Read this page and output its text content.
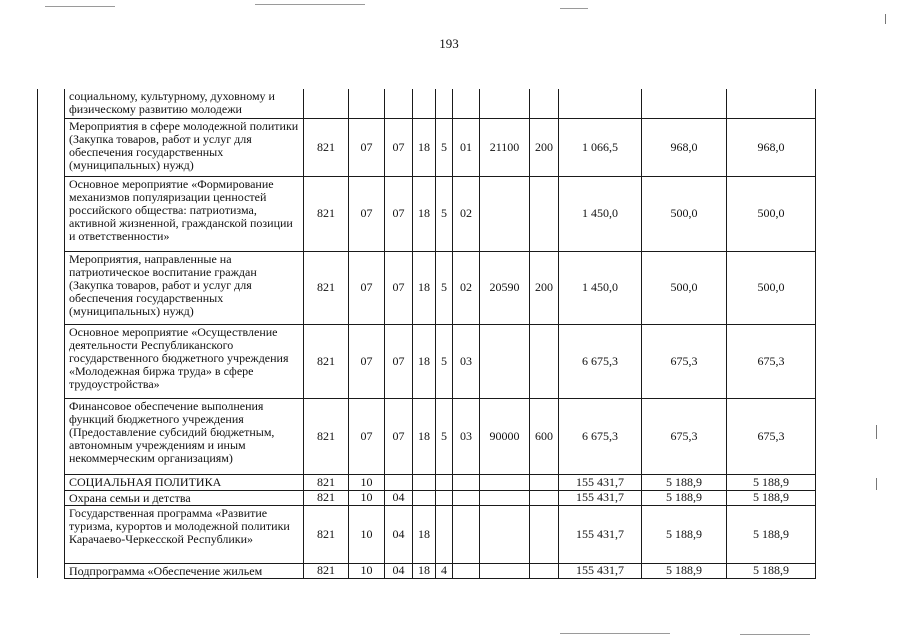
193
	социальному, культурному, духовному и физическому развитию молодежи											
	Мероприятия в сфере молодежной политики (Закупка товаров, работ и услуг для обеспечения государственных (муниципальных) нужд)	821	07	07	18	5	01	21100	200	1 066,5	968,0	968,0
	Основное мероприятие «Формирование механизмов популяризации ценностей российского общества: патриотизма, активной жизненной, гражданской позиции и ответственности»	821	07	07	18	5	02			1 450,0	500,0	500,0
	Мероприятия, направленные на патриотическое воспитание граждан (Закупка товаров, работ и услуг для обеспечения государственных (муниципальных) нужд)	821	07	07	18	5	02	20590	200	1 450,0	500,0	500,0
	Основное мероприятие «Осуществление деятельности Республиканского государственного бюджетного учреждения «Молодежная биржа труда» в сфере трудоустройства»	821	07	07	18	5	03			6 675,3	675,3	675,3
	Финансовое обеспечение выполнения функций бюджетного учреждения (Предоставление субсидий бюджетным, автономным учреждениям и иным некоммерческим организациям)	821	07	07	18	5	03	90000	600	6 675,3	675,3	675,3
	СОЦИАЛЬНАЯ ПОЛИТИКА	821	10							155 431,7	5 188,9	5 188,9
	Охрана семьи и детства	821	10	04						155 431,7	5 188,9	5 188,9
	Государственная программа «Развитие туризма, курортов и молодежной политики Карачаево-Черкесской Республики»	821	10	04	18					155 431,7	5 188,9	5 188,9
	Подпрограмма «Обеспечение жильем	821	10	04	18	4				155 431,7	5 188,9	5 188,9
